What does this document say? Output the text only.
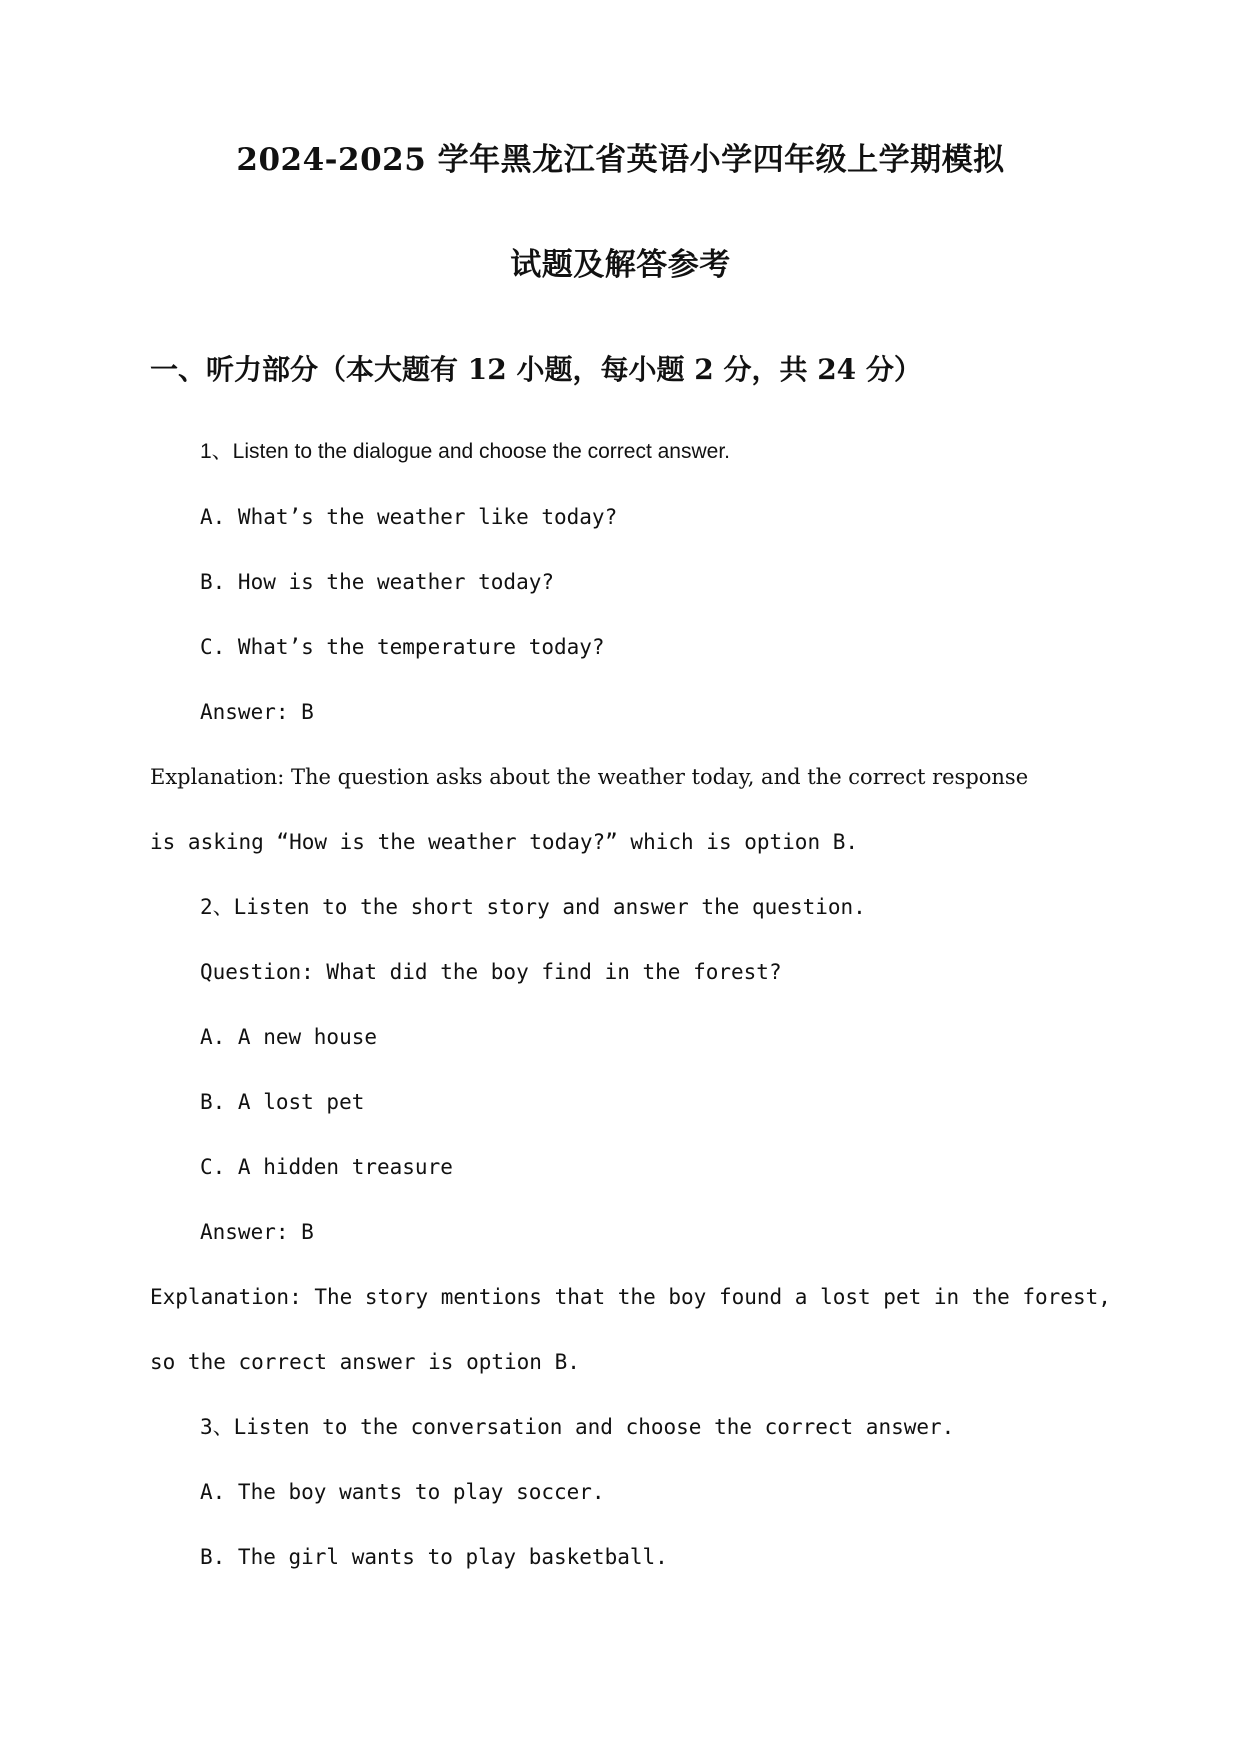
2024-2025 学年黑龙江省英语小学四年级上学期模拟
试题及解答参考
一、听力部分（本大题有 12 小题，每小题 2 分，共 24 分）
1、Listen to the dialogue and choose the correct answer.
A. What’s the weather like today?
B. How is the weather today?
C. What’s the temperature today?
Answer: B
Explanation: The question asks about the weather today, and the correct response
is asking “How is the weather today?” which is option B.
2、Listen to the short story and answer the question.
Question: What did the boy find in the forest?
A. A new house
B. A lost pet
C. A hidden treasure
Answer: B
Explanation: The story mentions that the boy found a lost pet in the forest,
so the correct answer is option B.
3、Listen to the conversation and choose the correct answer.
A. The boy wants to play soccer.
B. The girl wants to play basketball.
